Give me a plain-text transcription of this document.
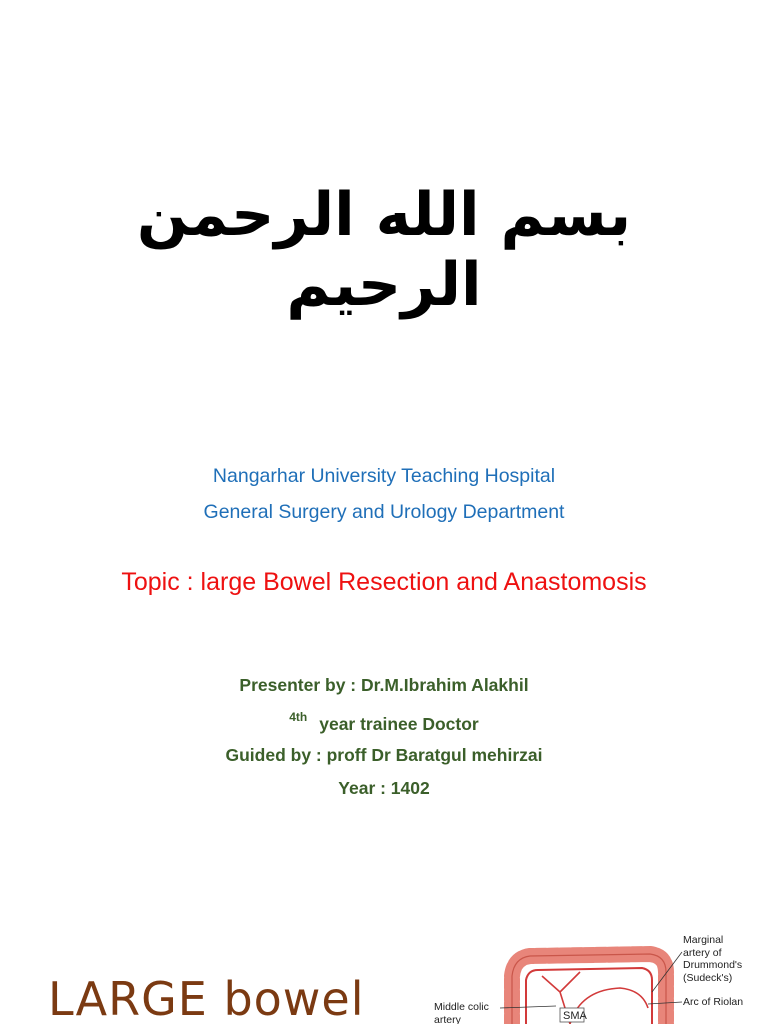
بسم الله الرحمن
الرحيم
Nangarhar University Teaching Hospital
General Surgery and Urology Department
Topic : large Bowel Resection and Anastomosis
Presenter by : Dr.M.Ibrahim Alakhil
$^{4th}$ year trainee Doctor
Guided by : proff Dr Baratgul mehirzai
Year : 1402
LARGE bowel
Marginal
artery of
Drummond's
(Sudeck's)
Arc of Riolan
Middle colic
artery	SMA
